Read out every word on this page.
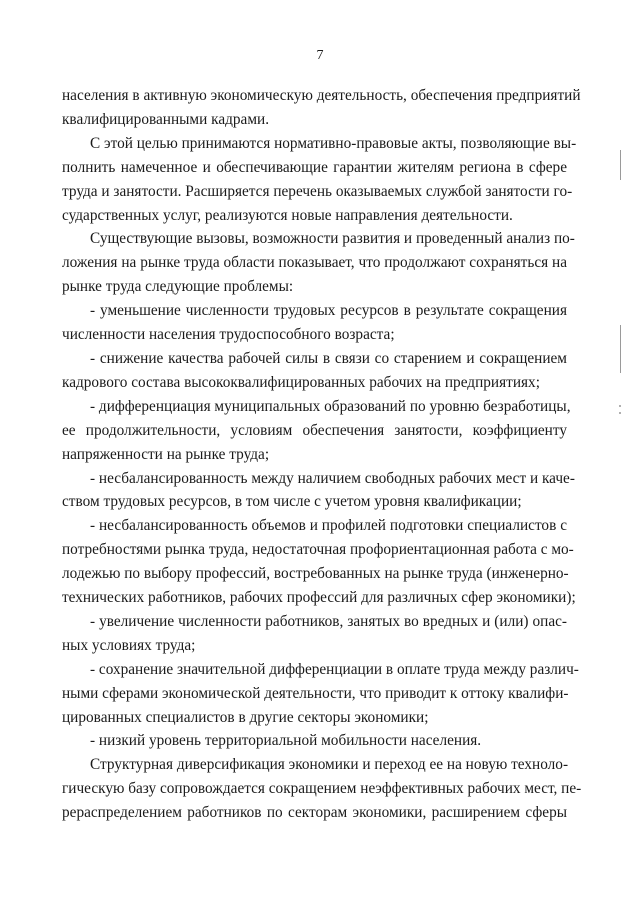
7
населения в активную экономическую деятельность, обеспечения предприятий
квалифицированными кадрами.
С этой целью принимаются нормативно-правовые акты, позволяющие вы-
полнить намеченное и обеспечивающие гарантии жителям региона в сфере
труда и занятости. Расширяется перечень оказываемых службой занятости го-
сударственных услуг, реализуются новые направления деятельности.
Существующие вызовы, возможности развития и проведенный анализ по-
ложения на рынке труда области показывает, что продолжают сохраняться на
рынке труда следующие проблемы:
- уменьшение численности трудовых ресурсов в результате сокращения
численности населения трудоспособного возраста;
- снижение качества рабочей силы в связи со старением и сокращением
кадрового состава высококвалифицированных рабочих на предприятиях;
- дифференциация муниципальных образований по уровню безработицы,
ее продолжительности, условиям обеспечения занятости, коэффициенту
напряженности на рынке труда;
- несбалансированность между наличием свободных рабочих мест и каче-
ством трудовых ресурсов, в том числе с учетом уровня квалификации;
- несбалансированность объемов и профилей подготовки специалистов с
потребностями рынка труда, недостаточная профориентационная работа с мо-
лодежью по выбору профессий, востребованных на рынке труда (инженерно-
технических работников, рабочих профессий для различных сфер экономики);
- увеличение численности работников, занятых во вредных и (или) опас-
ных условиях труда;
- сохранение значительной дифференциации в оплате труда между различ-
ными сферами экономической деятельности, что приводит к оттоку квалифи-
цированных специалистов в другие секторы экономики;
- низкий уровень территориальной мобильности населения.
Структурная диверсификация экономики и переход ее на новую техноло-
гическую базу сопровождается сокращением неэффективных рабочих мест, пе-
рераспределением работников по секторам экономики, расширением сферы
